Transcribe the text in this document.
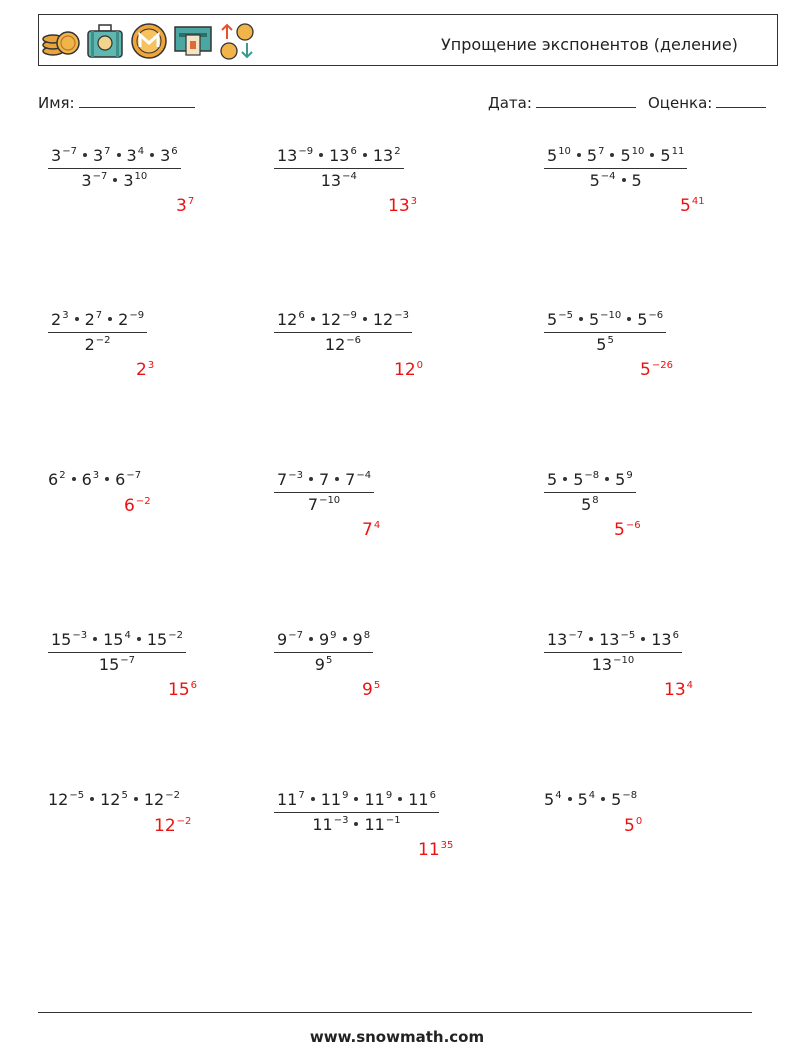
Упрощение экспонентов (деление)
Имя:	Дата:	Оценка:
$\frac{3^{-7} 3^7 3^4 3^6}{3^{-7} 3^{10}}$
$3^7$
$\frac{13^{-9} 13^6 13^2}{13^{-4}}$
$13^3$
$\frac{5^{10} 5^7 5^{10} 5^{11}}{5^{-4} 5}$
$5^{41}$
$\frac{2^3 2^7 2^{-9}}{2^{-2}}$
$2^3$
$\frac{12^6 12^{-9} 12^{-3}}{12^{-6}}$
$12^0$
$\frac{5^{-5} 5^{-10} 5^{-6}}{5^5}$
$5^{-26}$
$6^2$ $6^3$ $6^{-7}$
$6^{-2}$	$\frac{7^{-3} 7 7^{-4}}{7^{-10}}$
$7^4$
$\frac{5 5^{-8} 5^9}{5^8}$
$5^{-6}$
$\frac{15^{-3} 15^4 15^{-2}}{15^{-7}}$
$15^6$
$\frac{9^{-7} 9^9 9^8}{9^5}$
$9^5$
$\frac{13^{-7} 13^{-5} 13^6}{13^{-10}}$
$13^4$
$12^{-5}$ $12^5$ $12^{-2}$
$12^{-2}$	$\frac{11^7 11^9 11^9 11^6}{11^{-3} 11^{-1}}$
$11^{35}$
$5^4$ $5^4$ $5^{-8}$
$5^0$
www.snowmath.com
